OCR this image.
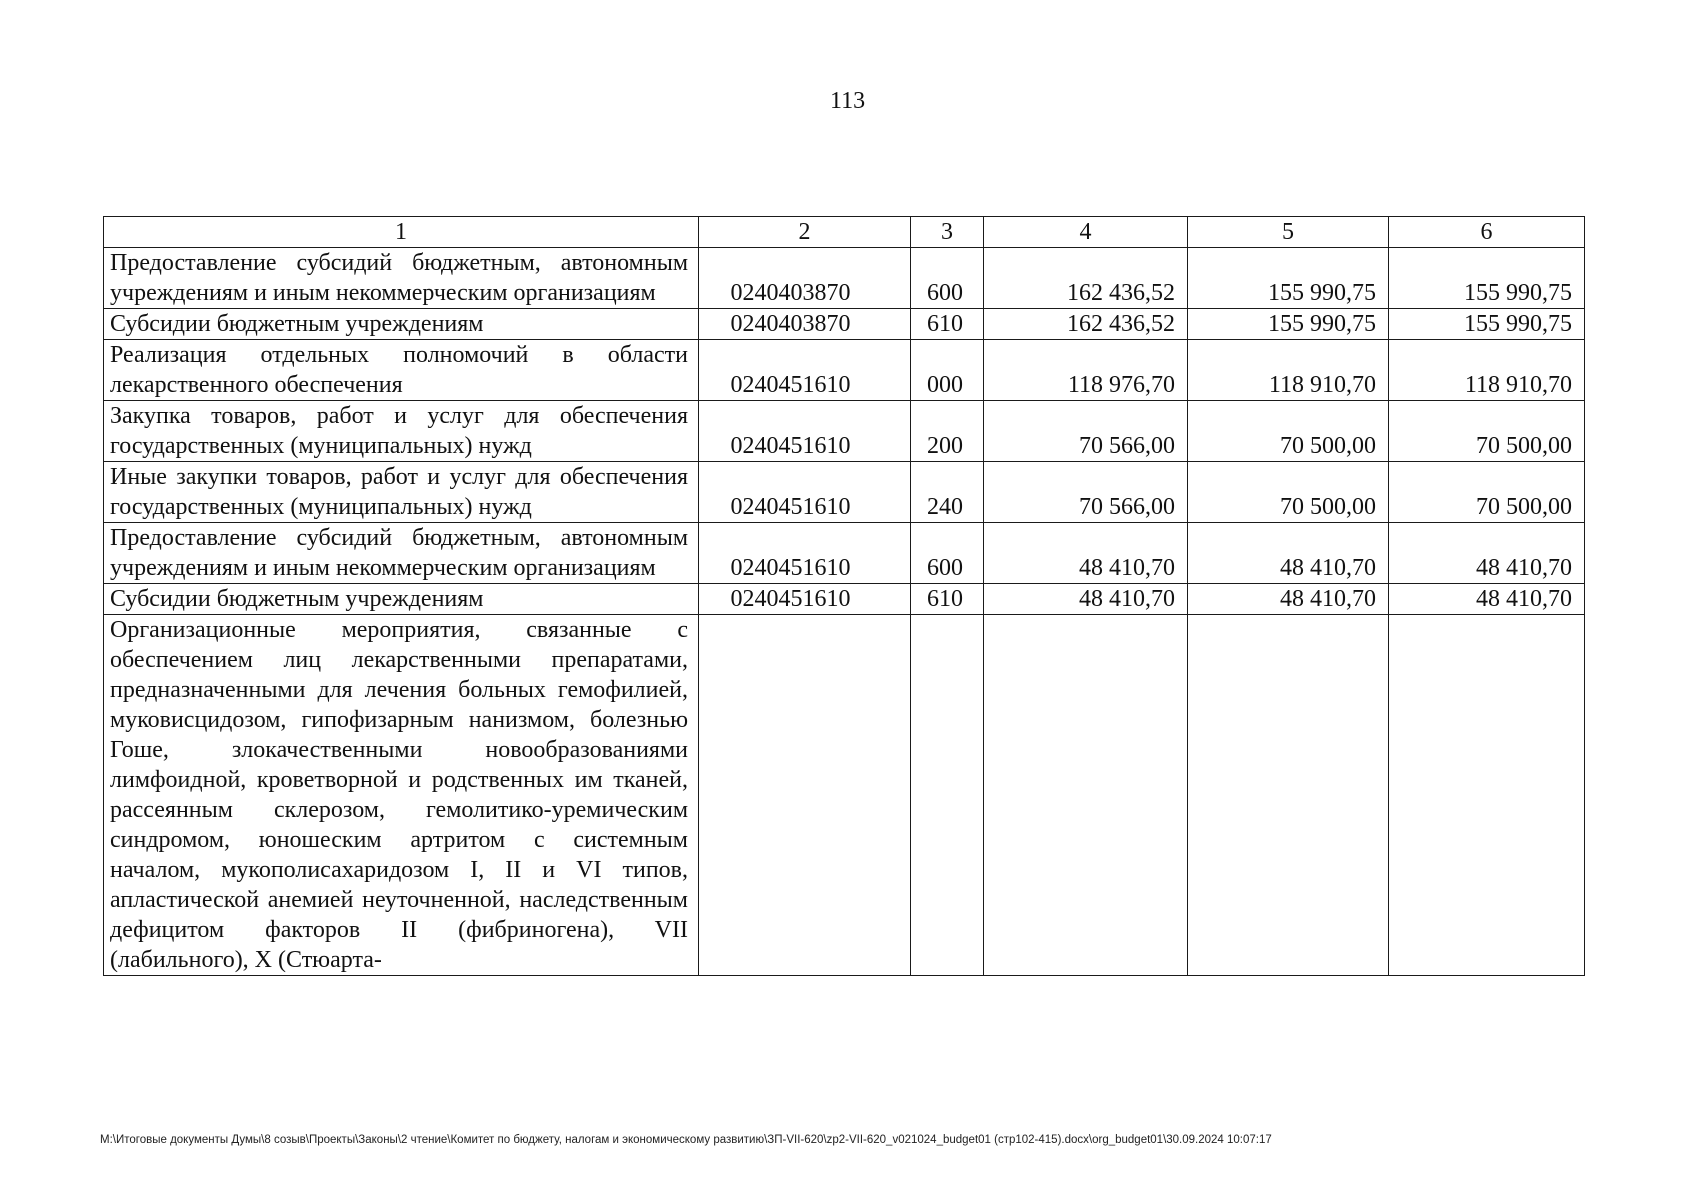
113
1	2	3	4	5	6
Предоставление субсидий бюджетным, автономным учреждениям и иным некоммерческим организациям	0240403870	600	162 436,52	155 990,75	155 990,75
Субсидии бюджетным учреждениям	0240403870	610	162 436,52	155 990,75	155 990,75
Реализация отдельных полномочий в области лекарственного обеспечения	0240451610	000	118 976,70	118 910,70	118 910,70
Закупка товаров, работ и услуг для обеспечения государственных (муниципальных) нужд	0240451610	200	70 566,00	70 500,00	70 500,00
Иные закупки товаров, работ и услуг для обеспечения государственных (муниципальных) нужд	0240451610	240	70 566,00	70 500,00	70 500,00
Предоставление субсидий бюджетным, автономным учреждениям и иным некоммерческим организациям	0240451610	600	48 410,70	48 410,70	48 410,70
Субсидии бюджетным учреждениям	0240451610	610	48 410,70	48 410,70	48 410,70
Организационные мероприятия, связанные с обеспечением лиц лекарственными препаратами, предназначенными для лечения больных гемофилией, муковисцидозом, гипофизарным нанизмом, болезнью Гоше, злокачественными новообразованиями лимфоидной, кроветворной и родственных им тканей, рассеянным склерозом, гемолитико-уремическим синдромом, юношеским артритом с системным началом, мукополисахаридозом I, II и VI типов, апластической анемией неуточненной, наследственным дефицитом факторов II (фибриногена), VII (лабильного), X (Стюарта-					
M:\Итоговые документы Думы\8 созыв\Проекты\Законы\2 чтение\Комитет по бюджету, налогам и экономическому развитию\ЗП-VII-620\zp2-VII-620_v021024_budget01 (стр102-415).docx\org_budget01\30.09.2024 10:07:17
